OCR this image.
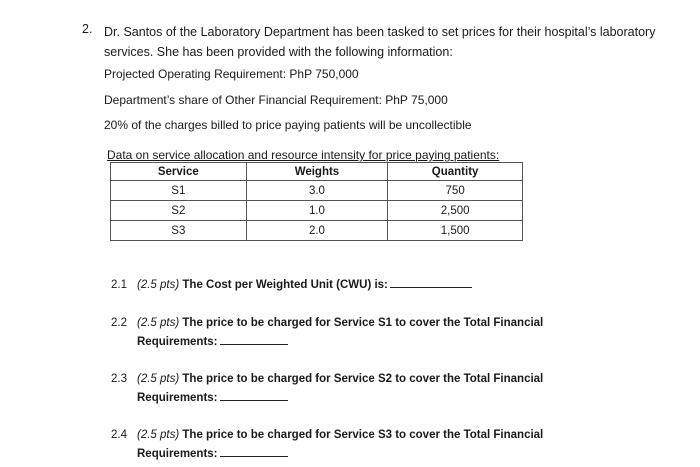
2. Dr. Santos of the Laboratory Department has been tasked to set prices for their hospital’s laboratory services. She has been provided with the following information:
Projected Operating Requirement: PhP 750,000
Department’s share of Other Financial Requirement: PhP 75,000
20% of the charges billed to price paying patients will be uncollectible
Data on service allocation and resource intensity for price paying patients:
Service	Weights	Quantity
S1	3.0	750
S2	1.0	2,500
S3	2.0	1,500
2.1 (2.5 pts) The Cost per Weighted Unit (CWU) is:
2.2 (2.5 pts) The price to be charged for Service S1 to cover the Total Financial
Requirements:
2.3 (2.5 pts) The price to be charged for Service S2 to cover the Total Financial
Requirements:
2.4 (2.5 pts) The price to be charged for Service S3 to cover the Total Financial
Requirements:
